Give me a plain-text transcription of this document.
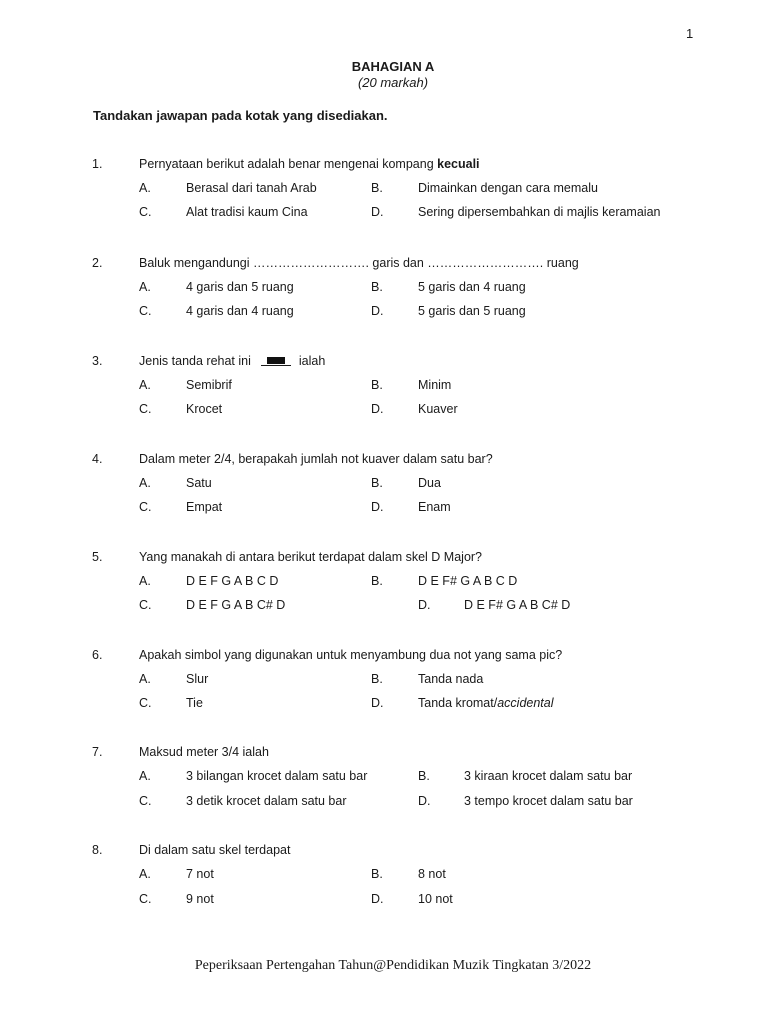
1
BAHAGIAN A
(20 markah)
Tandakan jawapan pada kotak yang disediakan.
1.	Pernyataan berikut adalah benar mengenai kompang kecuali
A.	Berasal dari tanah Arab	B.	Dimainkan dengan cara memalu
C.	Alat tradisi kaum Cina	D.	Sering dipersembahkan di majlis keramaian
2.	Baluk mengandungi ………………………. garis dan ………………………. ruang
A.	4 garis dan 5 ruang	B.	5 garis dan 4 ruang
C.	4 garis dan 4 ruang	D.	5 garis dan 5 ruang
3.	Jenis tanda rehat ini	ialah
A.	Semibrif	B.	Minim
C.	Krocet	D.	Kuaver
4.	Dalam meter 2/4, berapakah jumlah not kuaver dalam satu bar?
A.	Satu	B.	Dua
C.	Empat	D.	Enam
5.	Yang manakah di antara berikut terdapat dalam skel D Major?
A.	D E F G A B C D	B.	D E F# G A B C D
C.	D E F G A B C# D	D.	D E F# G A B C# D
6.	Apakah simbol yang digunakan untuk menyambung dua not yang sama pic?
A.	Slur	B.	Tanda nada
C.	Tie	D.	Tanda kromat/accidental
7.	Maksud meter 3/4 ialah
A.	3 bilangan krocet dalam satu bar	B.	3 kiraan krocet dalam satu bar
C.	3 detik krocet dalam satu bar	D.	3 tempo krocet dalam satu bar
8.	Di dalam satu skel terdapat
A.	7 not	B.	8 not
C.	9 not	D.	10 not
Peperiksaan Pertengahan Tahun@Pendidikan Muzik Tingkatan 3/2022
